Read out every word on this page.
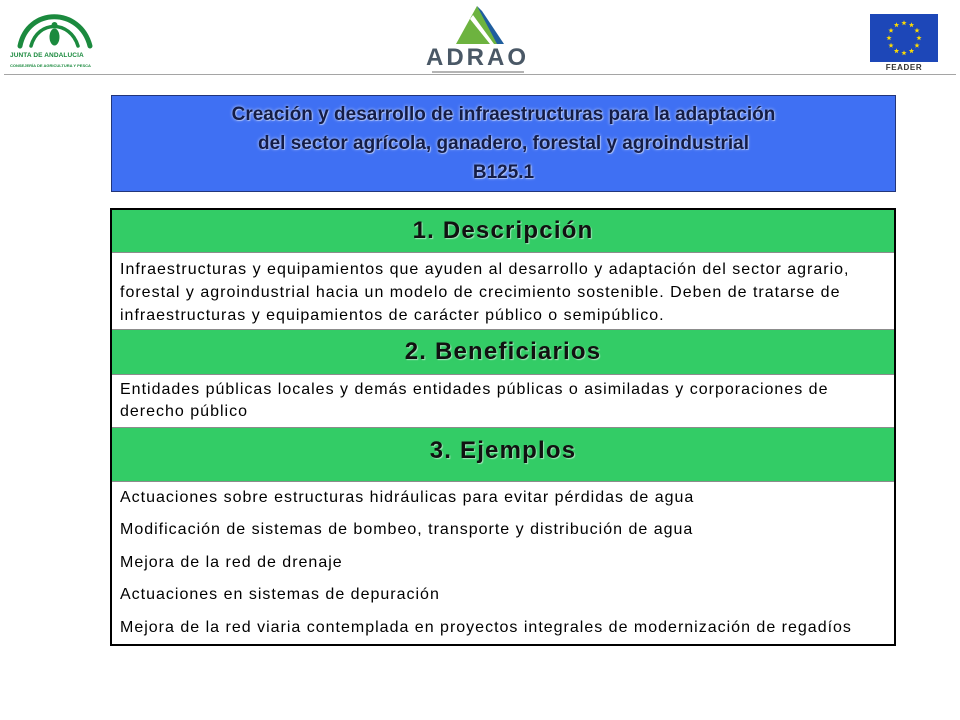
JUNTA DE ANDALUCIA
CONSEJERÍA DE AGRICULTURA Y PESCA	ADRAO	FEADER
Creación y desarrollo de infraestructuras para la adaptación
del sector agrícola, ganadero, forestal y agroindustrial
B125.1
1. Descripción
Infraestructuras y equipamientos que ayuden al desarrollo y adaptación del sector agrario, forestal y agroindustrial hacia un modelo de crecimiento sostenible. Deben de tratarse de infraestructuras y equipamientos de carácter público o semipúblico.
2. Beneficiarios
Entidades públicas locales y demás entidades públicas o asimiladas y corporaciones de derecho público
3. Ejemplos
Actuaciones sobre estructuras hidráulicas para evitar pérdidas de agua
Modificación de sistemas de bombeo, transporte y distribución de agua
Mejora de la red de drenaje
Actuaciones en sistemas de depuración
Mejora de la red viaria contemplada en proyectos integrales de modernización de regadíos
